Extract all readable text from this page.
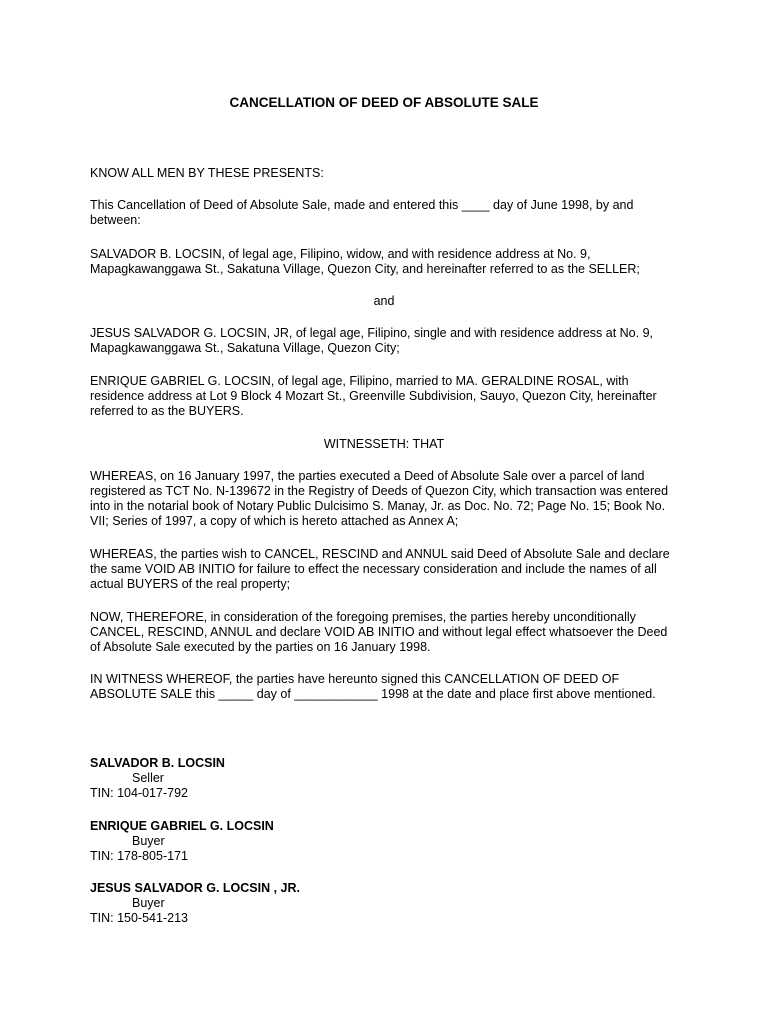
CANCELLATION OF DEED OF ABSOLUTE SALE

KNOW ALL MEN BY THESE PRESENTS:

This Cancellation of Deed of Absolute Sale, made and entered this ____ day of June 1998, by and between:

SALVADOR B. LOCSIN, of legal age, Filipino, widow, and with residence address at No. 9, Mapagkawanggawa St., Sakatuna Village, Quezon City, and hereinafter referred to as the SELLER;

and

JESUS SALVADOR G. LOCSIN, JR, of legal age, Filipino, single and with residence address at No. 9, Mapagkawanggawa St., Sakatuna Village, Quezon City;

ENRIQUE GABRIEL G. LOCSIN, of legal age, Filipino, married to MA. GERALDINE ROSAL, with residence address at Lot 9 Block 4 Mozart St., Greenville Subdivision, Sauyo, Quezon City, hereinafter referred to as the BUYERS.

WITNESSETH: THAT

WHEREAS, on 16 January 1997, the parties executed a Deed of Absolute Sale over a parcel of land registered as TCT No. N-139672 in the Registry of Deeds of Quezon City, which transaction was entered into in the notarial book of Notary Public Dulcisimo S. Manay, Jr. as Doc. No. 72; Page No. 15; Book No. VII; Series of 1997, a copy of which is hereto attached as Annex A;

WHEREAS, the parties wish to CANCEL, RESCIND and ANNUL said Deed of Absolute Sale and declare the same VOID AB INITIO for failure to effect the necessary consideration and include the names of all actual BUYERS of the real property;

NOW, THEREFORE, in consideration of the foregoing premises, the parties hereby unconditionally CANCEL, RESCIND, ANNUL and declare VOID AB INITIO and without legal effect whatsoever the Deed of Absolute Sale executed by the parties on 16 January 1998.

IN WITNESS WHEREOF, the parties have hereunto signed this CANCELLATION OF DEED OF ABSOLUTE SALE this _____ day of ____________ 1998 at the date and place first above mentioned.

SALVADOR B. LOCSIN
Seller
TIN: 104-017-792
ENRIQUE GABRIEL G. LOCSIN
Buyer
TIN: 178-805-171
JESUS SALVADOR G. LOCSIN , JR.
Buyer
TIN: 150-541-213
